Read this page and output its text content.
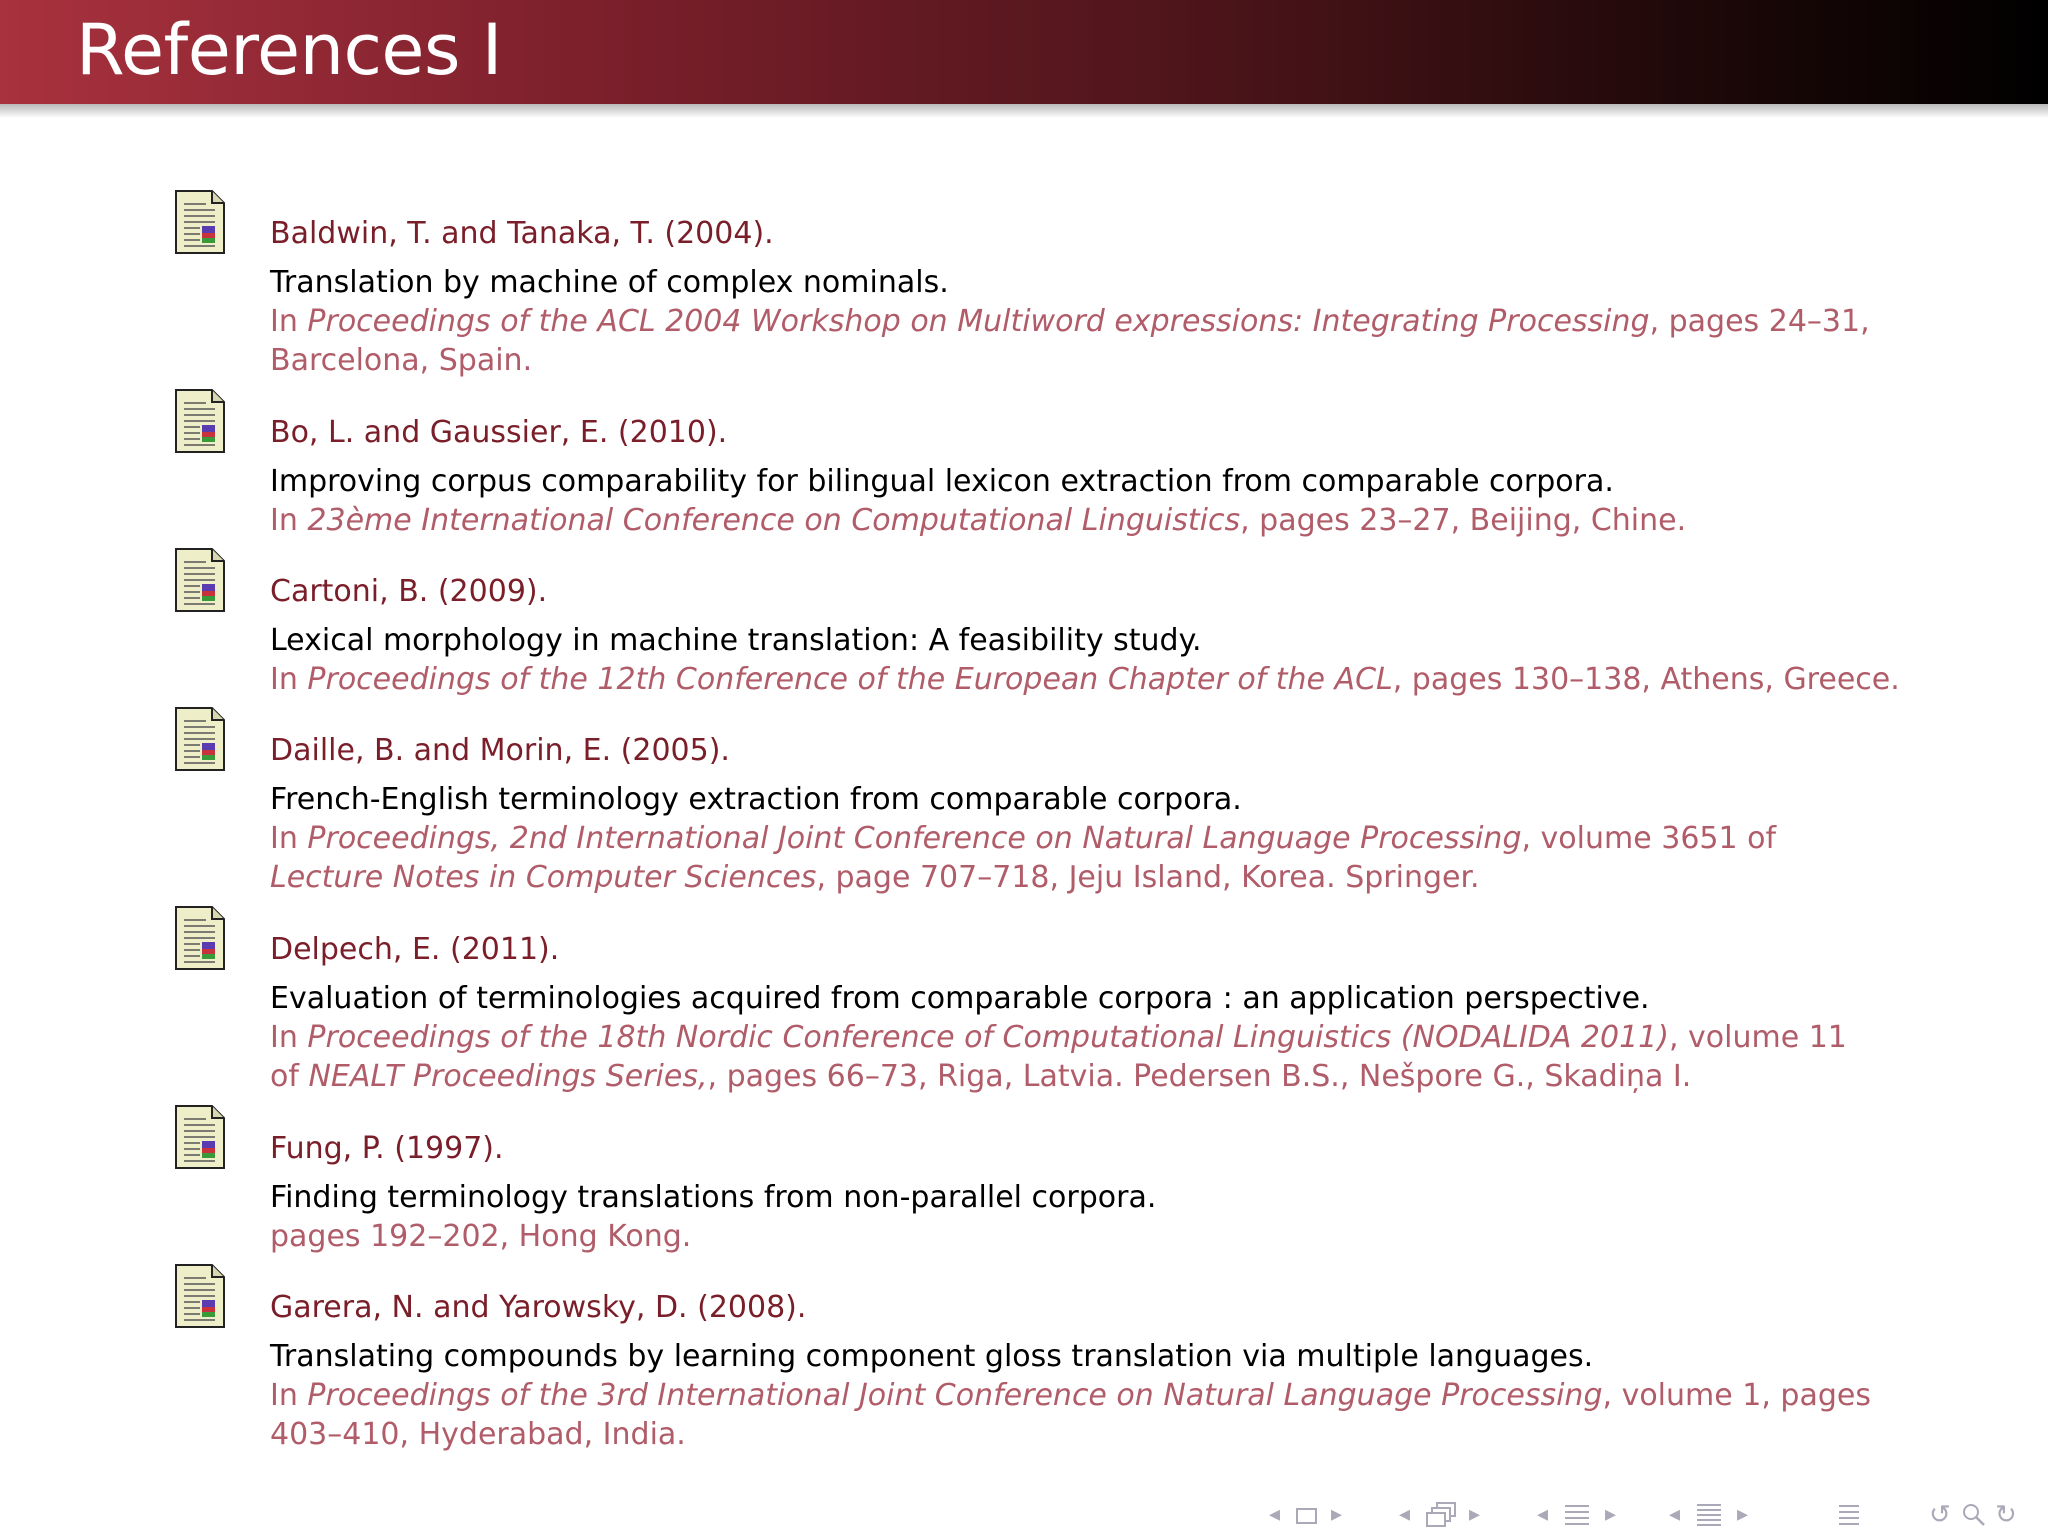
References I
Baldwin, T. and Tanaka, T. (2004).
Translation by machine of complex nominals.
In Proceedings of the ACL 2004 Workshop on Multiword expressions: Integrating Processing, pages 24–31,
Barcelona, Spain.
Bo, L. and Gaussier, E. (2010).
Improving corpus comparability for bilingual lexicon extraction from comparable corpora.
In 23ème International Conference on Computational Linguistics, pages 23–27, Beijing, Chine.
Cartoni, B. (2009).
Lexical morphology in machine translation: A feasibility study.
In Proceedings of the 12th Conference of the European Chapter of the ACL, pages 130–138, Athens, Greece.
Daille, B. and Morin, E. (2005).
French-English terminology extraction from comparable corpora.
In Proceedings, 2nd International Joint Conference on Natural Language Processing, volume 3651 of
Lecture Notes in Computer Sciences, page 707–718, Jeju Island, Korea. Springer.
Delpech, E. (2011).
Evaluation of terminologies acquired from comparable corpora : an application perspective.
In Proceedings of the 18th Nordic Conference of Computational Linguistics (NODALIDA 2011), volume 11
of NEALT Proceedings Series,, pages 66–73, Riga, Latvia. Pedersen B.S., Nešpore G., Skadiņa I.
Fung, P. (1997).
Finding terminology translations from non-parallel corpora.
pages 192–202, Hong Kong.
Garera, N. and Yarowsky, D. (2008).
Translating compounds by learning component gloss translation via multiple languages.
In Proceedings of the 3rd International Joint Conference on Natural Language Processing, volume 1, pages
403–410, Hyderabad, India.
◂ ▸	◂	▸	◂	▸ ◂	▸	↺ ↻
